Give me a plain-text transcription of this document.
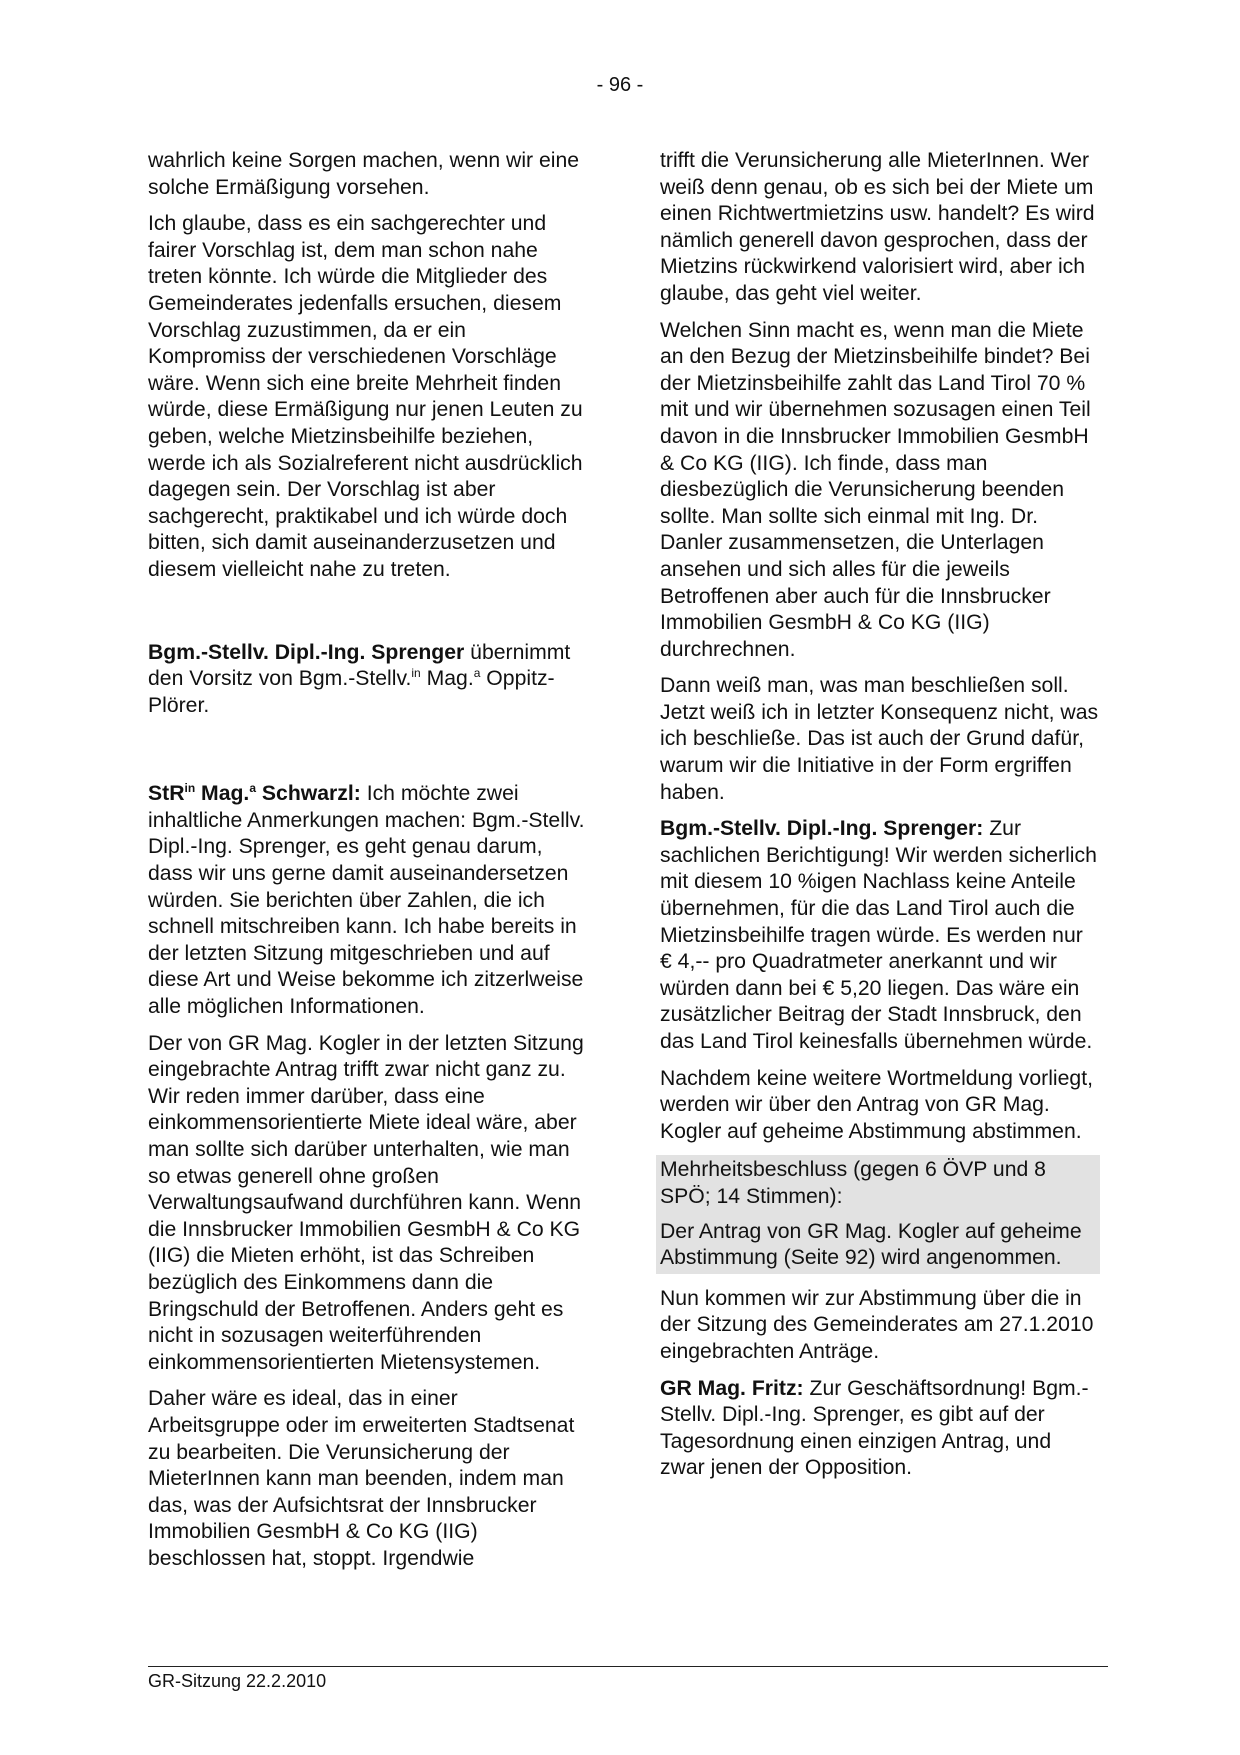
- 96 -

wahrlich keine Sorgen machen, wenn wir eine solche Ermäßigung vorsehen.

Ich glaube, dass es ein sachgerechter und fairer Vorschlag ist, dem man schon nahe treten könnte. Ich würde die Mitglieder des Gemeinderates jedenfalls ersuchen, diesem Vorschlag zuzustimmen, da er ein Kompromiss der verschiedenen Vorschläge wäre. Wenn sich eine breite Mehrheit finden würde, diese Ermäßigung nur jenen Leuten zu geben, welche Mietzinsbeihilfe beziehen, werde ich als Sozialreferent nicht ausdrücklich dagegen sein. Der Vorschlag ist aber sachgerecht, praktikabel und ich würde doch bitten, sich damit auseinanderzusetzen und diesem vielleicht nahe zu treten.

Bgm.-Stellv. Dipl.-Ing. Sprenger übernimmt den Vorsitz von Bgm.-Stellv.$^{in}$ Mag.$^a$ Oppitz-Plörer.

StR$^{in}$ Mag.$^a$ Schwarzl: Ich möchte zwei inhaltliche Anmerkungen machen: Bgm.-Stellv. Dipl.-Ing. Sprenger, es geht genau darum, dass wir uns gerne damit auseinandersetzen würden. Sie berichten über Zahlen, die ich schnell mitschreiben kann. Ich habe bereits in der letzten Sitzung mitgeschrieben und auf diese Art und Weise bekomme ich zitzerlweise alle möglichen Informationen.

Der von GR Mag. Kogler in der letzten Sitzung eingebrachte Antrag trifft zwar nicht ganz zu. Wir reden immer darüber, dass eine einkommensorientierte Miete ideal wäre, aber man sollte sich darüber unterhalten, wie man so etwas generell ohne großen Verwaltungsaufwand durchführen kann. Wenn die Innsbrucker Immobilien GesmbH & Co KG (IIG) die Mieten erhöht, ist das Schreiben bezüglich des Einkommens dann die Bringschuld der Betroffenen. Anders geht es nicht in sozusagen weiterführenden einkommensorientierten Mietensystemen.

Daher wäre es ideal, das in einer Arbeitsgruppe oder im erweiterten Stadtsenat zu bearbeiten. Die Verunsicherung der MieterInnen kann man beenden, indem man das, was der Aufsichtsrat der Innsbrucker Immobilien GesmbH & Co KG (IIG) beschlossen hat, stoppt. Irgendwie

trifft die Verunsicherung alle MieterInnen. Wer weiß denn genau, ob es sich bei der Miete um einen Richtwertmietzins usw. handelt? Es wird nämlich generell davon gesprochen, dass der Mietzins rückwirkend valorisiert wird, aber ich glaube, das geht viel weiter.

Welchen Sinn macht es, wenn man die Miete an den Bezug der Mietzinsbeihilfe bindet? Bei der Mietzinsbeihilfe zahlt das Land Tirol 70 % mit und wir übernehmen sozusagen einen Teil davon in die Innsbrucker Immobilien GesmbH & Co KG (IIG). Ich finde, dass man diesbezüglich die Verunsicherung beenden sollte. Man sollte sich einmal mit Ing. Dr. Danler zusammensetzen, die Unterlagen ansehen und sich alles für die jeweils Betroffenen aber auch für die Innsbrucker Immobilien GesmbH & Co KG (IIG) durchrechnen.

Dann weiß man, was man beschließen soll. Jetzt weiß ich in letzter Konsequenz nicht, was ich beschließe. Das ist auch der Grund dafür, warum wir die Initiative in der Form ergriffen haben.

Bgm.-Stellv. Dipl.-Ing. Sprenger: Zur sachlichen Berichtigung! Wir werden sicherlich mit diesem 10 %igen Nachlass keine Anteile übernehmen, für die das Land Tirol auch die Mietzinsbeihilfe tragen würde. Es werden nur € 4,-- pro Quadratmeter anerkannt und wir würden dann bei € 5,20 liegen. Das wäre ein zusätzlicher Beitrag der Stadt Innsbruck, den das Land Tirol keinesfalls übernehmen würde.

Nachdem keine weitere Wortmeldung vorliegt, werden wir über den Antrag von GR Mag. Kogler auf geheime Abstimmung abstimmen.

Mehrheitsbeschluss (gegen 6 ÖVP und 8 SPÖ; 14 Stimmen):

Der Antrag von GR Mag. Kogler auf geheime Abstimmung (Seite 92) wird angenommen.

Nun kommen wir zur Abstimmung über die in der Sitzung des Gemeinderates am 27.1.2010 eingebrachten Anträge.

GR Mag. Fritz: Zur Geschäftsordnung! Bgm.-Stellv. Dipl.-Ing. Sprenger, es gibt auf der Tagesordnung einen einzigen Antrag, und zwar jenen der Opposition.

GR-Sitzung 22.2.2010
